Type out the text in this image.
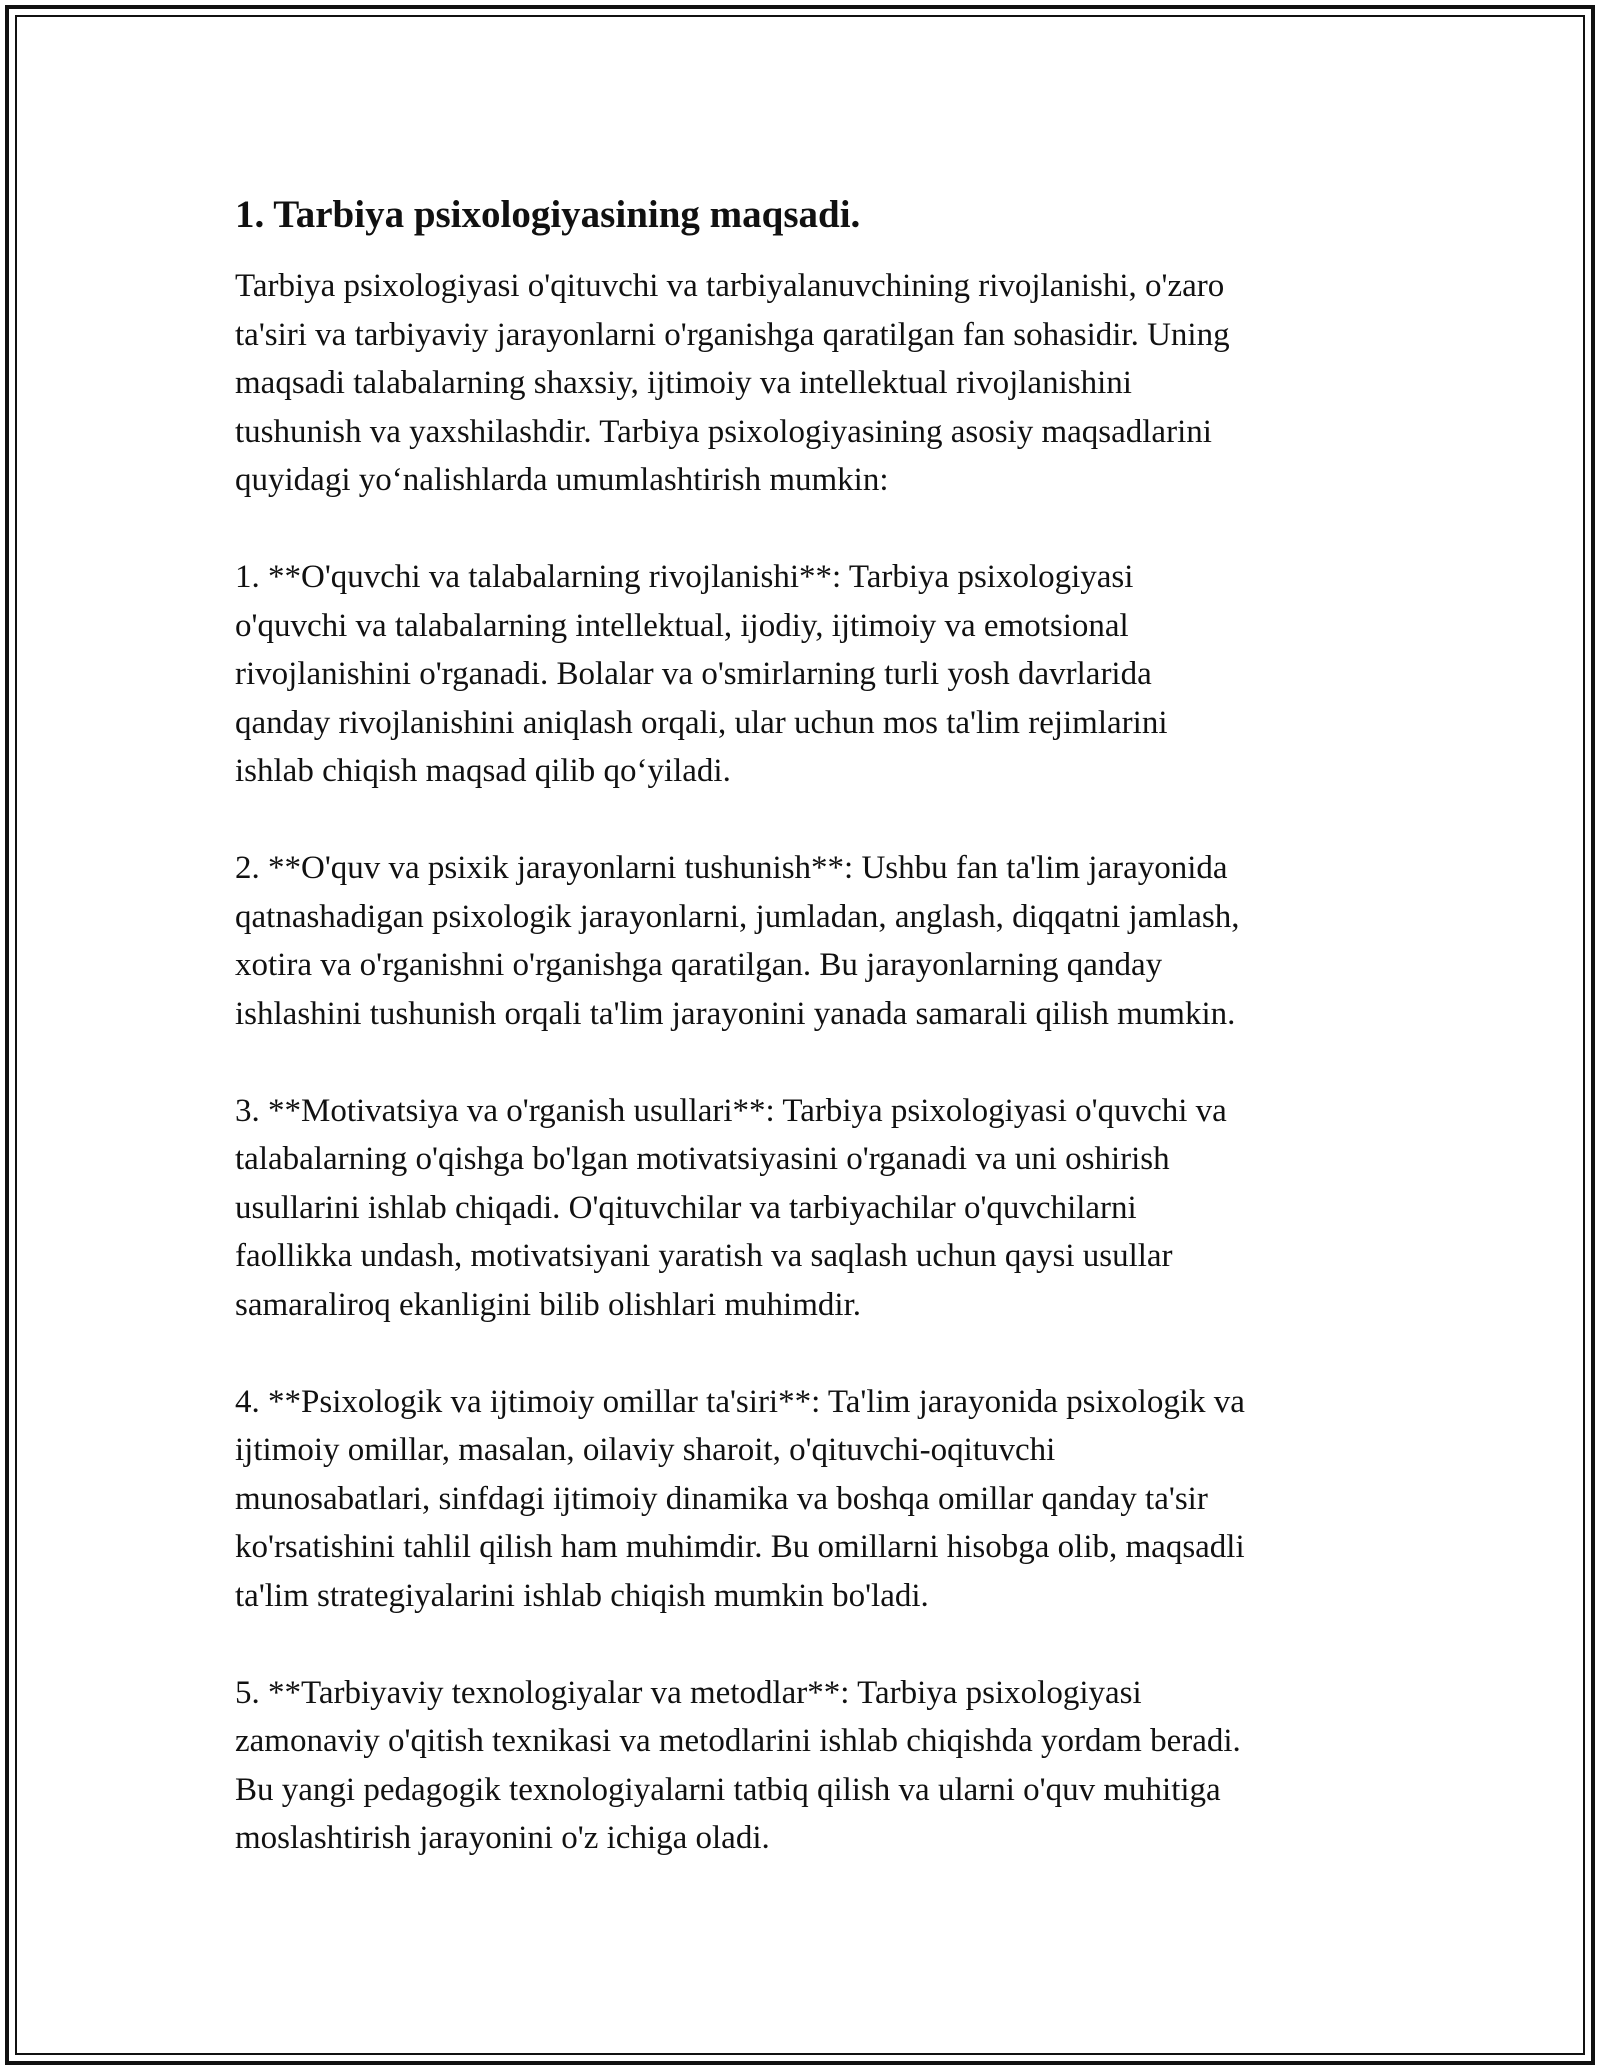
1. Tarbiya psixologiyasining maqsadi.

Tarbiya psixologiyasi o'qituvchi va tarbiyalanuvchining rivojlanishi, o'zaro
ta'siri va tarbiyaviy jarayonlarni o'rganishga qaratilgan fan sohasidir. Uning
maqsadi talabalarning shaxsiy, ijtimoiy va intellektual rivojlanishini
tushunish va yaxshilashdir. Tarbiya psixologiyasining asosiy maqsadlarini
quyidagi yo‘nalishlarda umumlashtirish mumkin:

1. **O'quvchi va talabalarning rivojlanishi**: Tarbiya psixologiyasi
o'quvchi va talabalarning intellektual, ijodiy, ijtimoiy va emotsional
rivojlanishini o'rganadi. Bolalar va o'smirlarning turli yosh davrlarida
qanday rivojlanishini aniqlash orqali, ular uchun mos ta'lim rejimlarini
ishlab chiqish maqsad qilib qo‘yiladi.

2. **O'quv va psixik jarayonlarni tushunish**: Ushbu fan ta'lim jarayonida
qatnashadigan psixologik jarayonlarni, jumladan, anglash, diqqatni jamlash,
xotira va o'rganishni o'rganishga qaratilgan. Bu jarayonlarning qanday
ishlashini tushunish orqali ta'lim jarayonini yanada samarali qilish mumkin.

3. **Motivatsiya va o'rganish usullari**: Tarbiya psixologiyasi o'quvchi va
talabalarning o'qishga bo'lgan motivatsiyasini o'rganadi va uni oshirish
usullarini ishlab chiqadi. O'qituvchilar va tarbiyachilar o'quvchilarni
faollikka undash, motivatsiyani yaratish va saqlash uchun qaysi usullar
samaraliroq ekanligini bilib olishlari muhimdir.

4. **Psixologik va ijtimoiy omillar ta'siri**: Ta'lim jarayonida psixologik va
ijtimoiy omillar, masalan, oilaviy sharoit, o'qituvchi-oqituvchi
munosabatlari, sinfdagi ijtimoiy dinamika va boshqa omillar qanday ta'sir
ko'rsatishini tahlil qilish ham muhimdir. Bu omillarni hisobga olib, maqsadli
ta'lim strategiyalarini ishlab chiqish mumkin bo'ladi.

5. **Tarbiyaviy texnologiyalar va metodlar**: Tarbiya psixologiyasi
zamonaviy o'qitish texnikasi va metodlarini ishlab chiqishda yordam beradi.
Bu yangi pedagogik texnologiyalarni tatbiq qilish va ularni o'quv muhitiga
moslashtirish jarayonini o'z ichiga oladi.
